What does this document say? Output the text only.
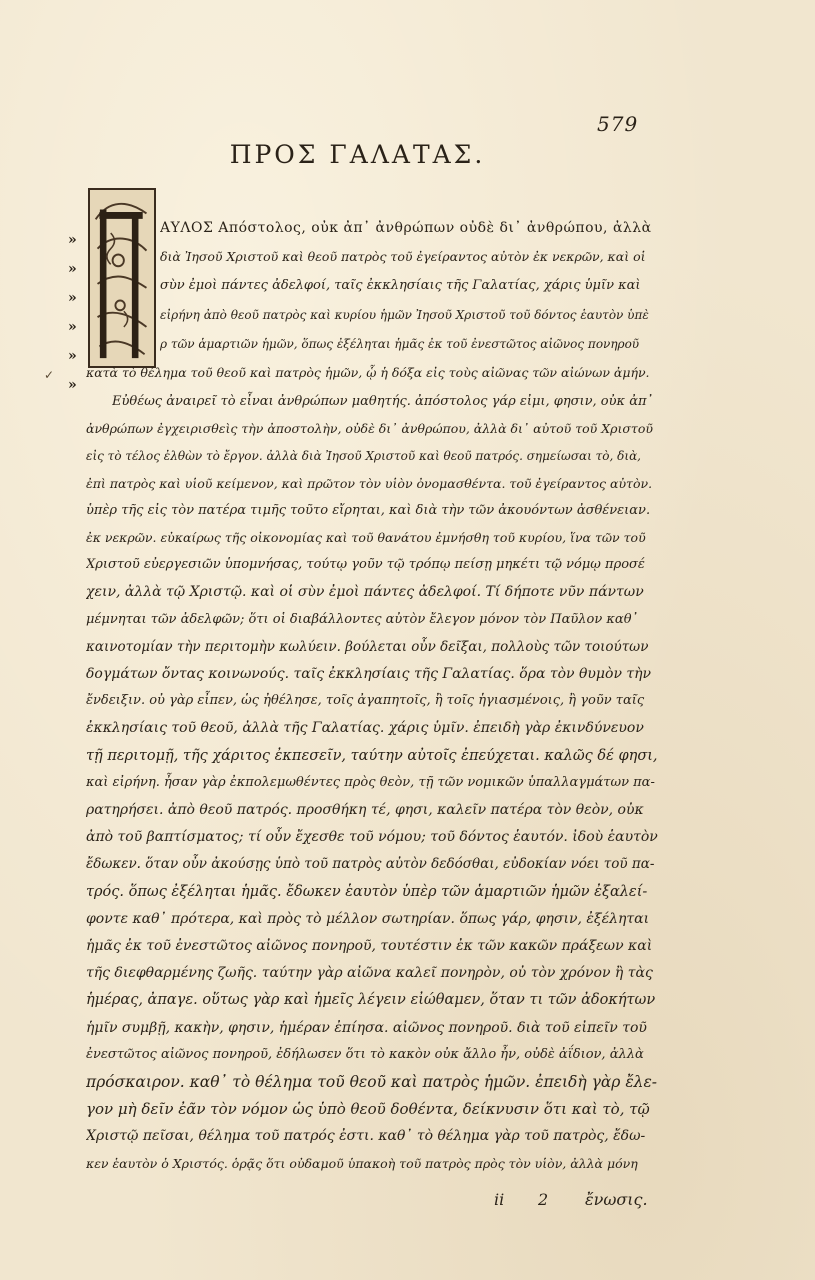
579
ΠΡΟΣ ΓΑΛΑΤΑΣ.
»
»
»
»
»
»
✓
ΑΥΛΟΣ Απόστολος, οὐκ ἀπ᾽ ἀνθρώπων οὐδὲ δι᾽ ἀνθρώπου, ἀλλὰ
διὰ Ἰησοῦ Χριστοῦ καὶ θεοῦ πατρὸς τοῦ ἐγείραντος αὐτὸν ἐκ νεκρῶν, καὶ οἱ
σὺν ἐμοὶ πάντες ἀδελφοί, ταῖς ἐκκλησίαις τῆς Γαλατίας, χάρις ὑμῖν καὶ
εἰρήνη ἀπὸ θεοῦ πατρὸς καὶ κυρίου ἡμῶν Ἰησοῦ Χριστοῦ τοῦ δόντος ἑαυτὸν ὑπὲ
ρ τῶν ἁμαρτιῶν ἡμῶν, ὅπως ἐξέληται ἡμᾶς ἐκ τοῦ ἐνεστῶτος αἰῶνος πονηροῦ
κατὰ τὸ θέλημα τοῦ θεοῦ καὶ πατρὸς ἡμῶν, ᾧ ἡ δόξα εἰς τοὺς αἰῶνας τῶν αἰώνων ἀμήν.
Εὐθέως ἀναιρεῖ τὸ εἶναι ἀνθρώπων μαθητής. ἀπόστολος γάρ εἰμι, φησιν, οὐκ ἀπ᾽
ἀνθρώπων ἐγχειρισθεὶς τὴν ἀποστολὴν, οὐδὲ δι᾽ ἀνθρώπου, ἀλλὰ δι᾽ αὐτοῦ τοῦ Χριστοῦ
εἰς τὸ τέλος ἐλθὼν τὸ ἔργον. ἀλλὰ διὰ Ἰησοῦ Χριστοῦ καὶ θεοῦ πατρός. σημείωσαι τὸ, διὰ,
ἐπὶ πατρὸς καὶ υἱοῦ κείμενον, καὶ πρῶτον τὸν υἱὸν ὀνομασθέντα. τοῦ ἐγείραντος αὐτὸν.
ὑπὲρ τῆς εἰς τὸν πατέρα τιμῆς τοῦτο εἴρηται, καὶ διὰ τὴν τῶν ἀκουόντων ἀσθένειαν.
ἐκ νεκρῶν. εὐκαίρως τῆς οἰκονομίας καὶ τοῦ θανάτου ἐμνήσθη τοῦ κυρίου, ἵνα τῶν τοῦ
Χριστοῦ εὐεργεσιῶν ὑπομνήσας, τούτῳ γοῦν τῷ τρόπῳ πείσῃ μηκέτι τῷ νόμῳ προσέ
χειν, ἀλλὰ τῷ Χριστῷ. καὶ οἱ σὺν ἐμοὶ πάντες ἀδελφοί. Τί δήποτε νῦν πάντων
μέμνηται τῶν ἀδελφῶν; ὅτι οἱ διαβάλλοντες αὐτὸν ἔλεγον μόνον τὸν Παῦλον καθ᾽
καινοτομίαν τὴν περιτομὴν κωλύειν. βούλεται οὖν δεῖξαι, πολλοὺς τῶν τοιούτων
δογμάτων ὄντας κοινωνούς. ταῖς ἐκκλησίαις τῆς Γαλατίας. ὅρα τὸν θυμὸν τὴν
ἔνδειξιν. οὐ γὰρ εἶπεν, ὡς ἠθέλησε, τοῖς ἀγαπητοῖς, ἢ τοῖς ἡγιασμένοις, ἢ γοῦν ταῖς
ἐκκλησίαις τοῦ θεοῦ, ἀλλὰ τῆς Γαλατίας. χάρις ὑμῖν. ἐπειδὴ γὰρ ἐκινδύνευον
τῇ περιτομῇ, τῆς χάριτος ἐκπεσεῖν, ταύτην αὐτοῖς ἐπεύχεται. καλῶς δέ φησι,
καὶ εἰρήνη. ἦσαν γὰρ ἐκπολεμωθέντες πρὸς θεὸν, τῇ τῶν νομικῶν ὑπαλλαγμάτων πα-
ρατηρήσει. ἀπὸ θεοῦ πατρός. προσθήκη τέ, φησι, καλεῖν πατέρα τὸν θεὸν, οὐκ
ἀπὸ τοῦ βαπτίσματος; τί οὖν ἔχεσθε τοῦ νόμου; τοῦ δόντος ἑαυτόν. ἰδοὺ ἑαυτὸν
ἔδωκεν. ὅταν οὖν ἀκούσῃς ὑπὸ τοῦ πατρὸς αὐτὸν δεδόσθαι, εὐδοκίαν νόει τοῦ πα-
τρός. ὅπως ἐξέληται ἡμᾶς. ἔδωκεν ἑαυτὸν ὑπὲρ τῶν ἁμαρτιῶν ἡμῶν ἐξαλεί-
φοντε καθ᾽ πρότερα, καὶ πρὸς τὸ μέλλον σωτηρίαν. ὅπως γάρ, φησιν, ἐξέληται
ἡμᾶς ἐκ τοῦ ἐνεστῶτος αἰῶνος πονηροῦ, τουτέστιν ἐκ τῶν κακῶν πράξεων καὶ
τῆς διεφθαρμένης ζωῆς. ταύτην γὰρ αἰῶνα καλεῖ πονηρὸν, οὐ τὸν χρόνον ἢ τὰς
ἡμέρας, ἀπαγε. οὕτως γὰρ καὶ ἡμεῖς λέγειν εἰώθαμεν, ὅταν τι τῶν ἀδοκήτων
ἡμῖν συμβῇ, κακὴν, φησιν, ἡμέραν ἐπίησα. αἰῶνος πονηροῦ. διὰ τοῦ εἰπεῖν τοῦ
ἐνεστῶτος αἰῶνος πονηροῦ, ἐδήλωσεν ὅτι τὸ κακὸν οὐκ ἄλλο ἦν, οὐδὲ ἀΐδιον, ἀλλὰ
πρόσκαιρον. καθ᾽ τὸ θέλημα τοῦ θεοῦ καὶ πατρὸς ἡμῶν. ἐπειδὴ γὰρ ἔλε-
γον μὴ δεῖν ἐᾶν τὸν νόμον ὡς ὑπὸ θεοῦ δοθέντα, δείκνυσιν ὅτι καὶ τὸ, τῷ
Χριστῷ πεῖσαι, θέλημα τοῦ πατρός ἐστι. καθ᾽ τὸ θέλημα γὰρ τοῦ πατρὸς, ἔδω-
κεν ἑαυτὸν ὁ Χριστός. ὁρᾷς ὅτι οὐδαμοῦ ὑπακοὴ τοῦ πατρὸς πρὸς τὸν υἱὸν, ἀλλὰ μόνη
ii 2 ἔνωσις.
